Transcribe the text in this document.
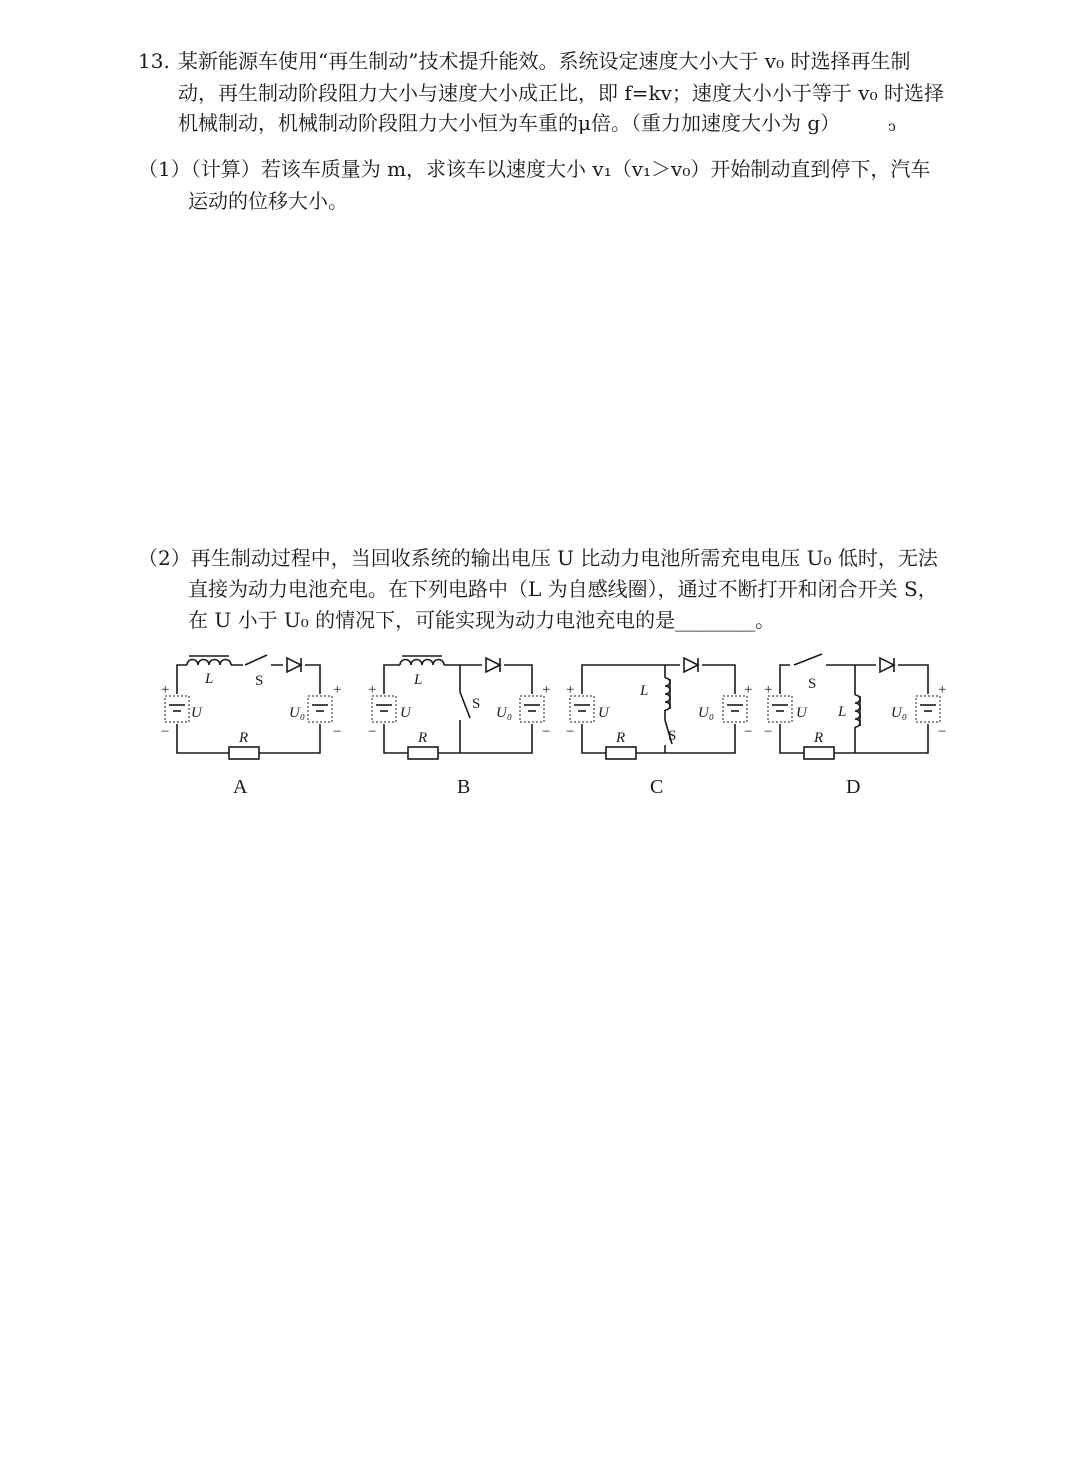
13. 某新能源车使用“再生制动”技术提升能效。系统设定速度大小大于 v₀ 时选择再生制
动，再生制动阶段阻力大小与速度大小成正比，即 f=kv；速度大小小于等于 v₀ 时选择
机械制动，机械制动阶段阻力大小恒为车重的μ倍。（重力加速度大小为 g）	ↄ
（1）（计算）若该车质量为 m，求该车以速度大小 v₁（v₁＞v₀）开始制动直到停下，汽车
运动的位移大小。
（2）再生制动过程中，当回收系统的输出电压 U 比动力电池所需充电电压 U₀ 低时，无法
直接为动力电池充电。在下列电路中（L 为自感线圈），通过不断打开和闭合开关 S，
在 U 小于 U₀ 的情况下，可能实现为动力电池充电的是________。
L	S
U	U₀
R
+
−
+
−
A
L
S
U	U₀
R
+
−
+
−
B
L
S
U	U₀
R
+
−
+
−
C
S
L
U	U₀
R
+
−
+
−
D
